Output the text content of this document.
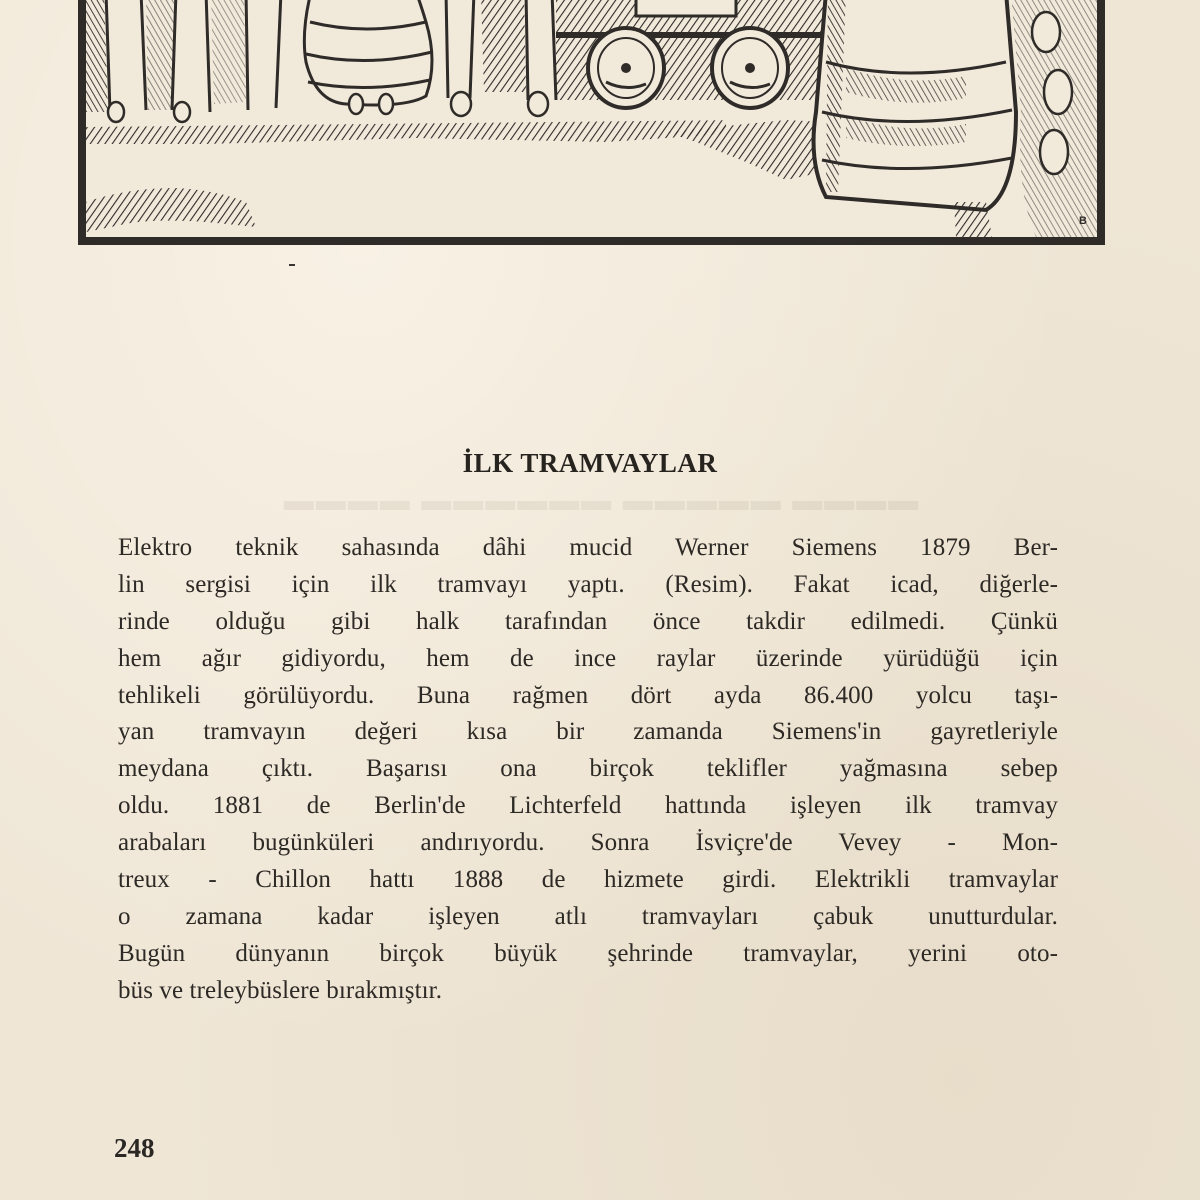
B
▬▬▬▬ ▬▬▬▬▬ ▬▬▬▬▬▬ ▬▬▬▬
İLK TRAMVAYLAR
Elektro teknik sahasında dâhi mucid Werner Siemens 1879 Ber-
lin sergisi için ilk tramvayı yaptı. (Resim). Fakat icad, diğerle-
rinde olduğu gibi halk tarafından önce takdir edilmedi. Çünkü
hem ağır gidiyordu, hem de ince raylar üzerinde yürüdüğü için
tehlikeli görülüyordu. Buna rağmen dört ayda 86.400 yolcu taşı-
yan tramvayın değeri kısa bir zamanda Siemens'in gayretleriyle
meydana çıktı. Başarısı ona birçok teklifler yağmasına sebep
oldu. 1881 de Berlin'de Lichterfeld hattında işleyen ilk tramvay
arabaları bugünküleri andırıyordu. Sonra İsviçre'de Vevey - Mon-
treux - Chillon hattı 1888 de hizmete girdi. Elektrikli tramvaylar
o zamana kadar işleyen atlı tramvayları çabuk unutturdular.
Bugün dünyanın birçok büyük şehrinde tramvaylar, yerini oto-
büs ve treleybüslere bırakmıştır.
248
